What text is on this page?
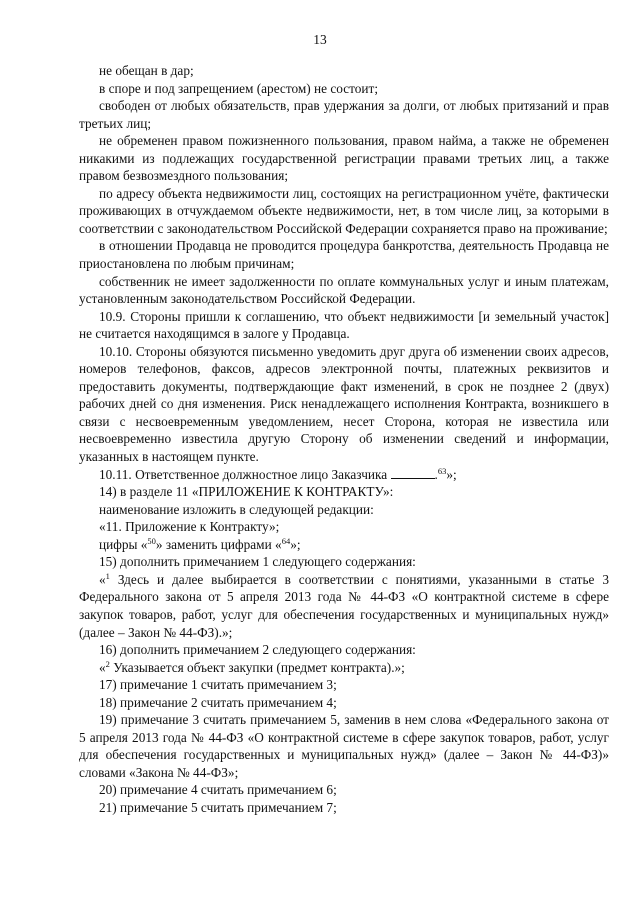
13

не обещан в дар;

в споре и под запрещением (арестом) не состоит;

свободен от любых обязательств, прав удержания за долги, от любых притязаний и прав третьих лиц;

не обременен правом пожизненного пользования, правом найма, а также не обременен никакими из подлежащих государственной регистрации правами третьих лиц, а также правом безвозмездного пользования;

по адресу объекта недвижимости лиц, состоящих на регистрационном учёте, фактически проживающих в отчуждаемом объекте недвижимости, нет, в том числе лиц, за которыми в соответствии с законодательством Российской Федерации сохраняется право на проживание;

в отношении Продавца не проводится процедура банкротства, деятельность Продавца не приостановлена по любым причинам;

собственник не имеет задолженности по оплате коммунальных услуг и иным платежам, установленным законодательством Российской Федерации.

10.9. Стороны пришли к соглашению, что объект недвижимости [и земельный участок] не считается находящимся в залоге у Продавца.

10.10. Стороны обязуются письменно уведомить друг друга об изменении своих адресов, номеров телефонов, факсов, адресов электронной почты, платежных реквизитов и предоставить документы, подтверждающие факт изменений, в срок не позднее 2 (двух) рабочих дней со дня изменения. Риск ненадлежащего исполнения Контракта, возникшего в связи с несвоевременным уведомлением, несет Сторона, которая не известила или несвоевременно известила другую Сторону об изменении сведений и информации, указанных в настоящем пункте.

10.11. Ответственное должностное лицо Заказчика	.$^{63}$»;

14) в разделе 11 «ПРИЛОЖЕНИЕ К КОНТРАКТУ»:

наименование изложить в следующей редакции:

«11. Приложение к Контракту»;

цифры «$^{50}$» заменить цифрами «$^{64}$»;

15) дополнить примечанием 1 следующего содержания:

«$^1$ Здесь и далее выбирается в соответствии с понятиями, указанными в статье 3 Федерального закона от 5 апреля 2013 года № 44-ФЗ «О контрактной системе в сфере закупок товаров, работ, услуг для обеспечения государственных и муниципальных нужд» (далее – Закон № 44-ФЗ).»;

16) дополнить примечанием 2 следующего содержания:

«$^2$ Указывается объект закупки (предмет контракта).»;

17) примечание 1 считать примечанием 3;

18) примечание 2 считать примечанием 4;

19) примечание 3 считать примечанием 5, заменив в нем слова «Федерального закона от 5 апреля 2013 года № 44-ФЗ «О контрактной системе в сфере закупок товаров, работ, услуг для обеспечения государственных и муниципальных нужд» (далее – Закон № 44-ФЗ)» словами «Закона № 44-ФЗ»;

20) примечание 4 считать примечанием 6;

21) примечание 5 считать примечанием 7;
